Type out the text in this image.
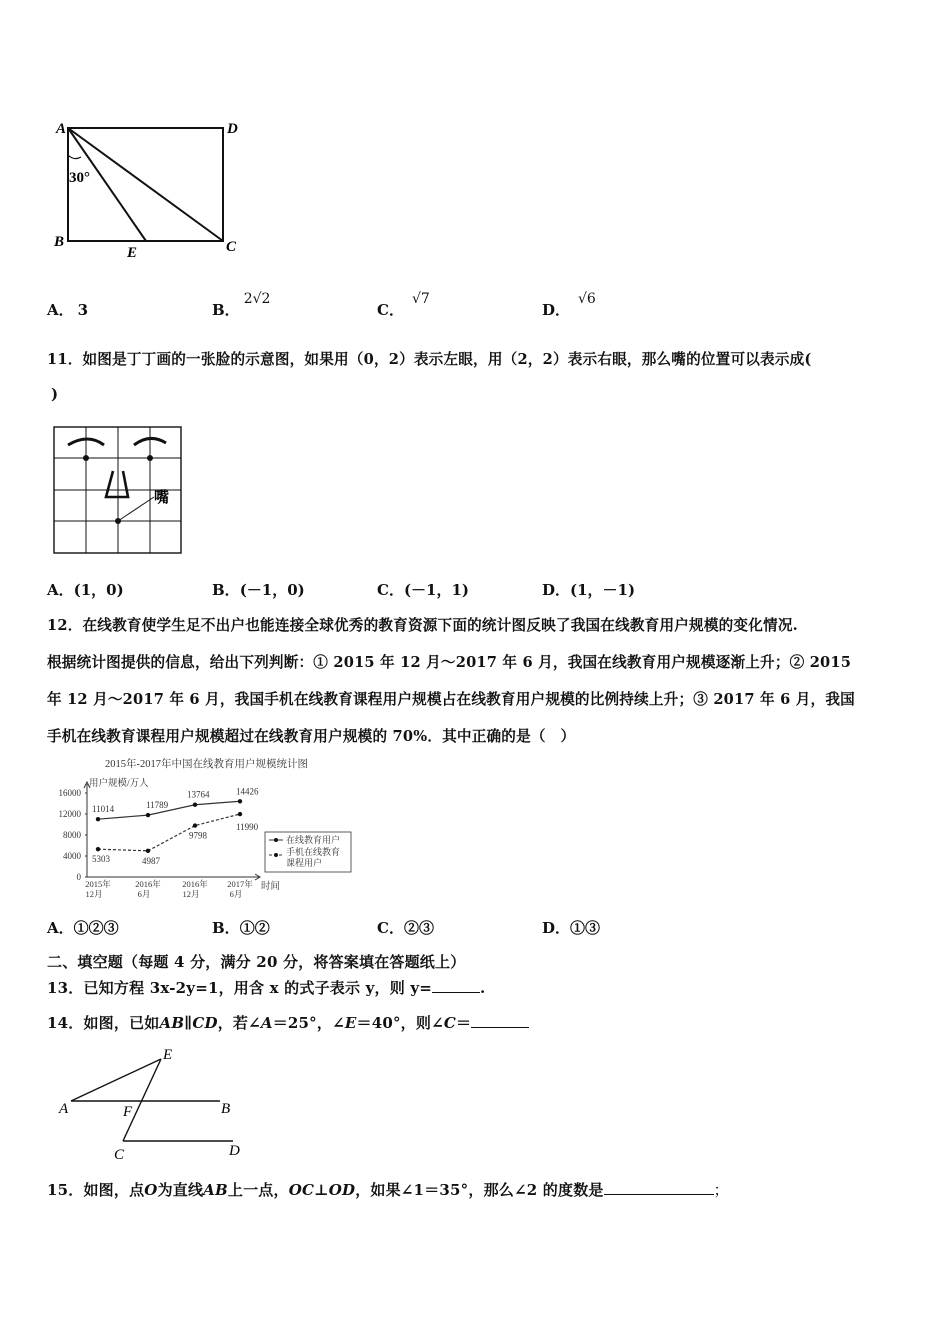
A	D
B	C
E
30°
A． 3	B．2√2
C．√7
D．√6
11．如图是丁丁画的一张脸的示意图，如果用（0，2）表示左眼，用（2，2）表示右眼，那么嘴的位置可以表示成(
)
嘴
A．(1，0)	B．(－1，0)	C．(－1，1)	D．(1，－1)
12．在线教育使学生足不出户也能连接全球优秀的教育资源下面的统计图反映了我国在线教育用户规模的变化情况.
根据统计图提供的信息，给出下列判断：① 2015 年 12 月～2017 年 6 月，我国在线教育用户规模逐渐上升；② 2015
年 12 月～2017 年 6 月，我国手机在线教育课程用户规模占在线教育用户规模的比例持续上升；③ 2017 年 6 月，我国
手机在线教育课程用户规模超过在线教育用户规模的 70%．其中正确的是（　）
2015年-2017年中国在线教育用户规模统计图
用户规模/万人
时间
0
4000
8000
12000
16000
2015年
12月
2016年
6月
2016年
12月
2017年
6月
11014	11789
13764	14426
5303	4987
9798
11990
在线教育用户
手机在线教育
课程用户
A．①②③	B．①②	C．②③	D．①③
二、填空题（每题 4 分，满分 20 分，将答案填在答题纸上）
13．已知方程 3x-2y=1，用含 x 的式子表示 y，则 y=	.
14．如图，已如AB∥CD，若∠A＝25°，∠E＝40°，则∠C＝
E
A	F	B
C	D
15．如图，点O为直线AB上一点，OC⊥OD，如果∠1＝35°，那么∠2 的度数是	；
